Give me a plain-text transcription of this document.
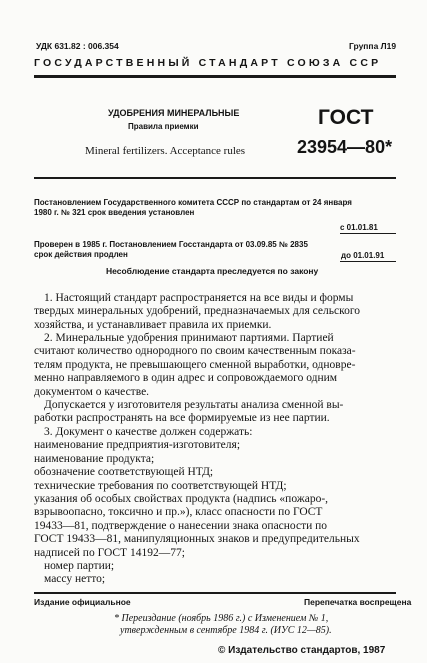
УДК 631.82 : 006.354	Группа Л19
ГОСУДАРСТВЕННЫЙ СТАНДАРТ СОЮЗА ССР
УДОБРЕНИЯ МИНЕРАЛЬНЫЕ
Правила приемки
Mineral fertilizers. Acceptance rules
ГОСТ
23954—80*
Постановлением Государственного комитета СССР по стандартам от 24 января
1980 г. № 321 срок введения установлен
с 01.01.81
Проверен в 1985 г. Постановлением Госстандарта от 03.09.85 № 2835
срок действия продлен	до 01.01.91
Несоблюдение стандарта преследуется по закону
1. Настоящий стандарт распространяется на все виды и формы
твердых минеральных удобрений, предназначаемых для сельского
хозяйства, и устанавливает правила их приемки.
2. Минеральные удобрения принимают партиями. Партией
считают количество однородного по своим качественным показа-
телям продукта, не превышающего сменной выработки, одновре-
менно направляемого в один адрес и сопровождаемого одним
документом о качестве.
Допускается у изготовителя результаты анализа сменной вы-
работки распространять на все формируемые из нее партии.
3. Документ о качестве должен содержать:
наименование предприятия-изготовителя;
наименование продукта;
обозначение соответствующей НТД;
технические требования по соответствующей НТД;
указания об особых свойствах продукта (надпись «пожаро-,
взрывоопасно, токсично и пр.»), класс опасности по ГОСТ
19433—81, подтверждение о нанесении знака опасности по
ГОСТ 19433—81, манипуляционных знаков и предупредительных
надписей по ГОСТ 14192—77;
номер партии;
массу нетто;
Издание официальное	Перепечатка воспрещена
* Переиздание (ноябрь 1986 г.) с Изменением № 1,
утвержденным в сентябре 1984 г. (ИУС 12—85).
© Издательство стандартов, 1987
